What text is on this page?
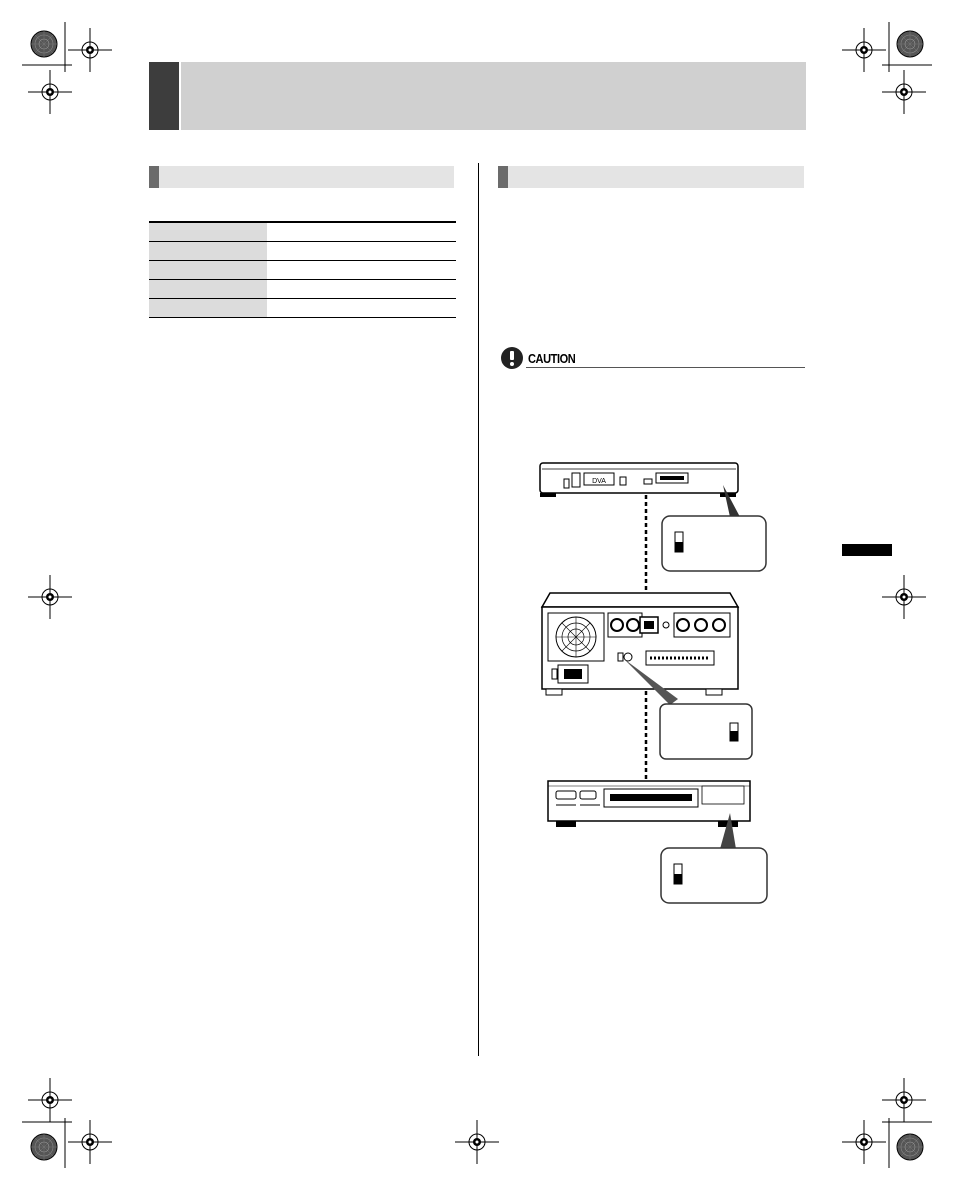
CAUTION
DVA
